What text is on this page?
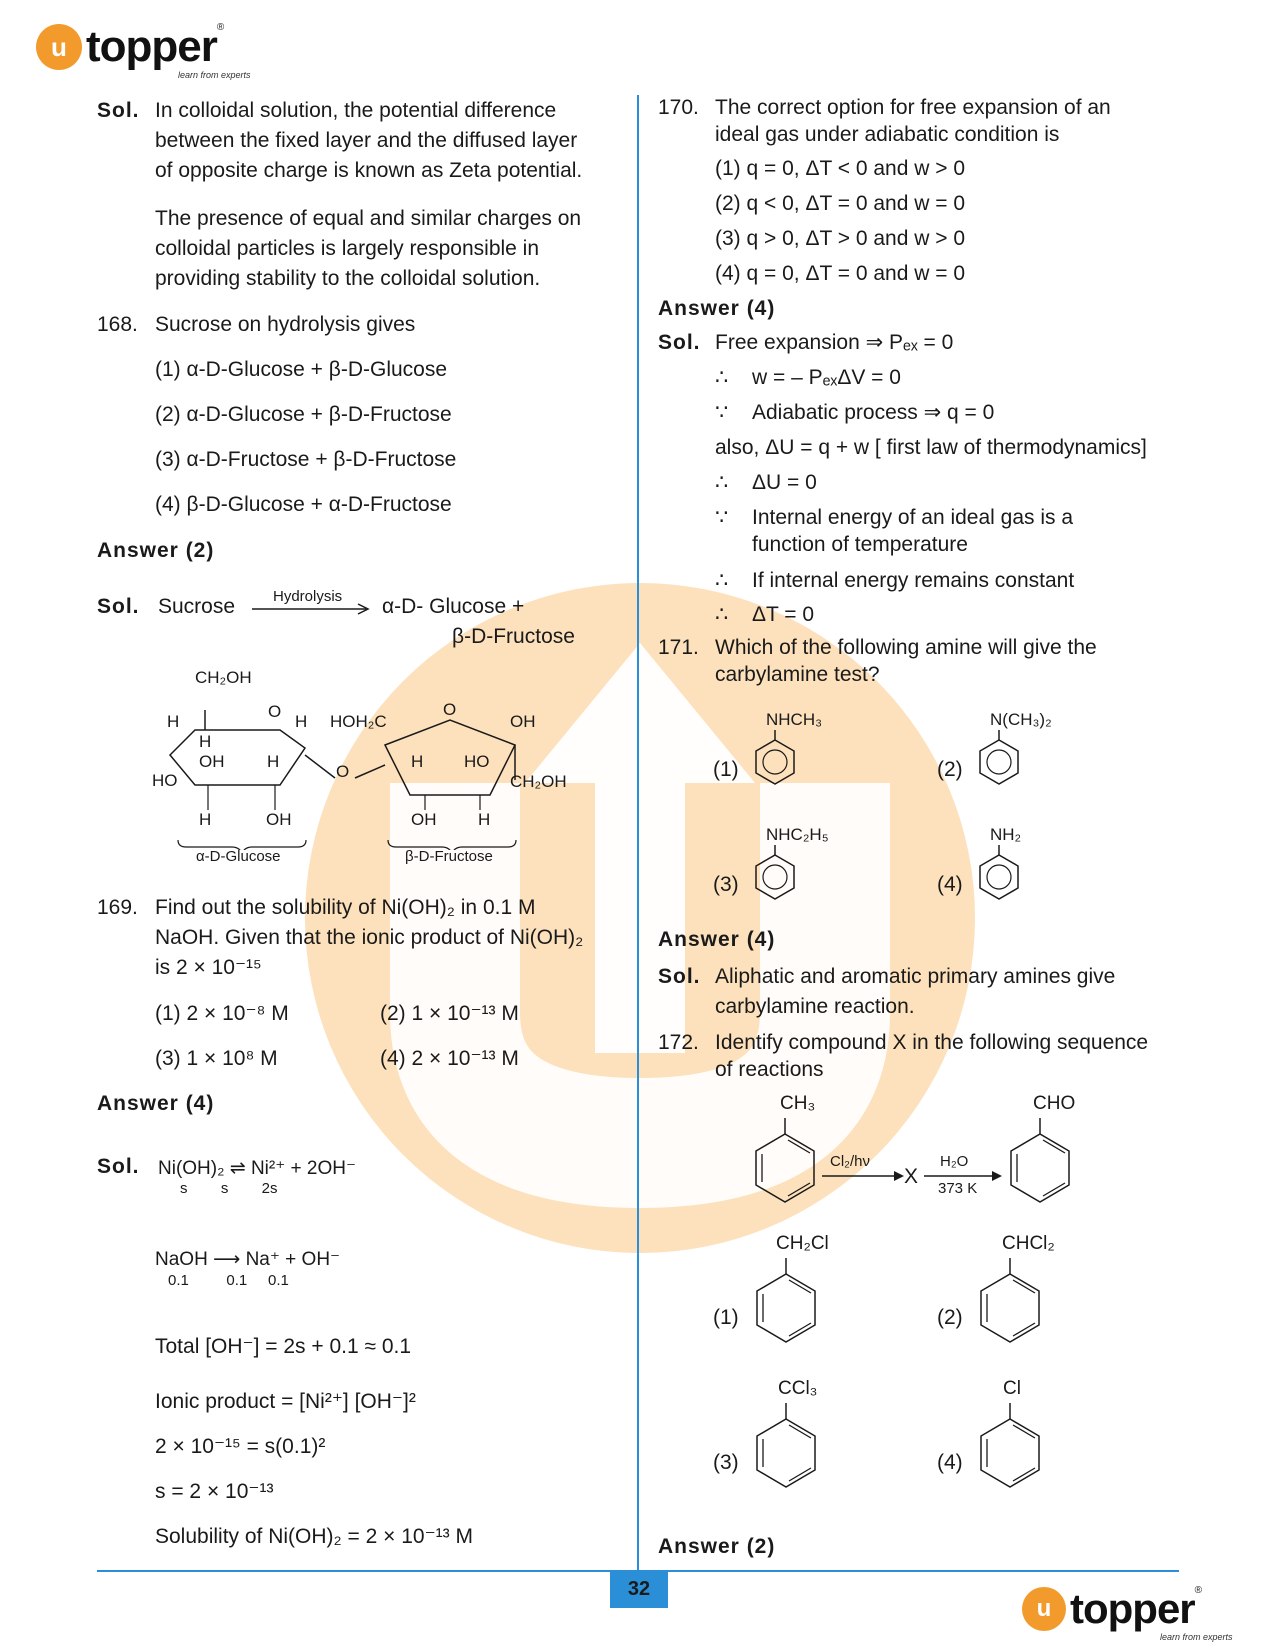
u topper ®
learn from experts
Sol. In colloidal solution, the potential difference
between the fixed layer and the diffused layer
of opposite charge is known as Zeta potential.
The presence of equal and similar charges on
colloidal particles is largely responsible in
providing stability to the colloidal solution.
168. Sucrose on hydrolysis gives
(1) α-D-Glucose + β-D-Glucose
(2) α-D-Glucose + β-D-Fructose
(3) α-D-Fructose + β-D-Fructose
(4) β-D-Glucose + α-D-Fructose
Answer (2)
Sol. Sucrose	Hydrolysis α-D- Glucose +
β-D-Fructose
CH₂OH
H
O
H
H
OH	H
HO	O
H	OH
α-D-Glucose
HOH₂C
O
OH
H HO
CH₂OH
OH H
β-D-Fructose
169. Find out the solubility of Ni(OH)₂ in 0.1 M
NaOH. Given that the ionic product of Ni(OH)₂
is 2 × 10⁻¹⁵
(1) 2 × 10⁻⁸ M	(2) 1 × 10⁻¹³ M
(3) 1 × 10⁸ M	(4) 2 × 10⁻¹³ M
Answer (4)
Sol. Ni(OH)₂ ⇌ Ni²⁺ + 2OH⁻
s        s        2s
NaOH ⟶ Na⁺ + OH⁻
0.1         0.1     0.1
Total [OH⁻] = 2s + 0.1 ≈ 0.1
Ionic product = [Ni²⁺] [OH⁻]²
2 × 10⁻¹⁵ = s(0.1)²
s = 2 × 10⁻¹³
Solubility of Ni(OH)₂ = 2 × 10⁻¹³ M
170. The correct option for free expansion of an
ideal gas under adiabatic condition is
(1) q = 0, ΔT < 0 and w > 0
(2) q < 0, ΔT = 0 and w = 0
(3) q > 0, ΔT > 0 and w > 0
(4) q = 0, ΔT = 0 and w = 0
Answer (4)
Sol. Free expansion ⇒ Pₑₓ = 0
∴ w = – PₑₓΔV = 0
∵ Adiabatic process ⇒ q = 0
also, ΔU = q + w [ first law of thermodynamics]
∴ ΔU = 0
∵ Internal energy of an ideal gas is a
function of temperature
∴ If internal energy remains constant
∴ ΔT = 0
171. Which of the following amine will give the
carbylamine test?
NHCH₃
(1)
N(CH₃)₂
(2)
NHC₂H₅
(3)
NH₂
(4)
Answer (4)
Sol. Aliphatic and aromatic primary amines give
carbylamine reaction.
172. Identify compound X in the following sequence
of reactions
CH₃
Cl₂/hν
X
H₂O
373 K
CHO
CH₂Cl
(1)
CHCl₂
(2)
CCl₃
(3)
Cl
(4)
Answer (2)
32
u topper ®
learn from experts
